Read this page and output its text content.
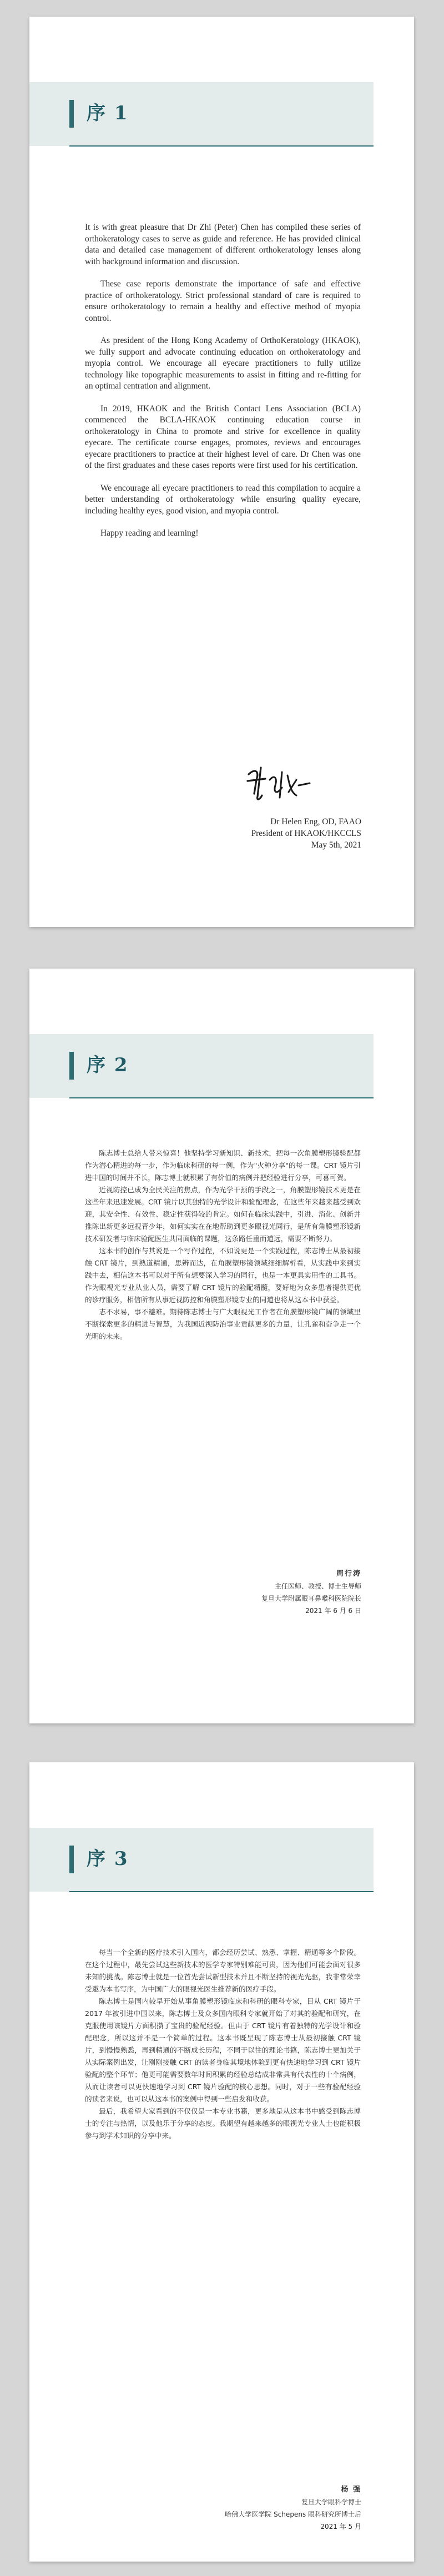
序 1

It is with great pleasure that Dr Zhi (Peter) Chen has compiled these series of orthokeratology cases to serve as guide and reference. He has provided clinical data and detailed case management of different orthokeratology lenses along with background information and discussion.

These case reports demonstrate the importance of safe and effective practice of orthokeratology. Strict professional standard of care is required to ensure orthokeratology to remain a healthy and effective method of myopia control.

As president of the Hong Kong Academy of OrthoKeratology (HKAOK), we fully support and advocate continuing education on orthokeratology and myopia control. We encourage all eyecare practitioners to fully utilize technology like topographic measurements to assist in fitting and re-fitting for an optimal centration and alignment.

In 2019, HKAOK and the British Contact Lens Association (BCLA) commenced the BCLA-HKAOK continuing education course in orthokeratology in China to promote and strive for excellence in quality eyecare. The certificate course engages, promotes, reviews and encourages eyecare practitioners to practice at their highest level of care. Dr Chen was one of the first graduates and these cases reports were first used for his certification.

We encourage all eyecare practitioners to read this compilation to acquire a better understanding of orthokeratology while ensuring quality eyecare, including healthy eyes, good vision, and myopia control.

Happy reading and learning!

Dr Helen Eng, OD, FAAO
President of HKAOK/HKCCLS
May 5th, 2021
序 2

陈志博士总给人带来惊喜！他坚持学习新知识、新技术，把每一次角膜塑形镜验配都作为潜心精进的每一步，作为临床科研的每一例，作为"火种分享"的每一课。CRT 镜片引进中国的时间并不长，陈志博士就积累了有价值的病例并把经验进行分享，可喜可贺。

近视防控已成为全民关注的焦点，作为光学干预的手段之一，角膜塑形镜技术更是在这些年来迅速发展。CRT 镜片以其独特的光学设计和验配理念，在这些年来越来越受到欢迎，其安全性、有效性、稳定性获得较的肯定。如何在临床实践中，引进、消化、创新并推陈出新更多远视青少年，如何实实在在地帮助到更多眼视光同行，是所有角膜塑形镜新技术研发者与临床验配医生共同面临的课题，这条路任重而道远，需要不断努力。

这本书的创作与其说是一个写作过程，不如说更是一个实践过程，陈志博士从最初接触 CRT 镜片，到熟道精通，思辨而达，在角膜塑形镜领域细细解析看，从实践中来到实践中去，相信这本书可以对于所有想要深入学习的同行，也是一本更具实用性的工具书。作为眼视光专业从业人员，需要了解 CRT 镜片的验配精髓，要好地为众多患者提供更优的诊疗服务，相信所有从事近视防控和角膜塑形镜专业的同道也将从这本书中获益。

志不求易，事不避难。期待陈志博士与广大眼视光工作者在角膜塑形镜广阔的领域里不断探索更多的精进与智慧，为我国近视防治事业贡献更多的力量，让孔雀和奋争走一个光明的未来。

周行涛
主任医师、教授、博士生导师
复旦大学附属眼耳鼻喉科医院院长
2021 年 6 月 6 日
序 3

每当一个全新的医疗技术引入国内，都会经历尝试、熟悉、掌握、精通等多个阶段。在这个过程中，最先尝试这些新技术的医学专家特别难能可贵，因为他们可能会面对很多未知的挑战。陈志博士就是一位首先尝试新型技术并且不断坚持的视光先驱，我非常荣幸受邀为本书写序，为中国广大的眼视光医生推荐新的医疗手段。

陈志博士是国内较早开始从事角膜塑形镜临床和科研的眼科专家，目从 CRT 镜片于 2017 年被引进中国以来，陈志博士及众多国内眼科专家就开始了对其的验配和研究，在克服使用该镜片方面积攒了宝贵的验配经验。但由于 CRT 镜片有着独特的光学设计和验配理念，所以这并不是一个简单的过程。这本书既呈现了陈志博士从最初接触 CRT 镜片，到慢慢熟悉，再到精通的不断成长历程，不同于以往的理论书籍，陈志博士更加关于从实际案例出发，让刚刚接触 CRT 的读者身临其境地体验到更有快速地学习到 CRT 镜片验配的整个环节；他更可能需要数年时间积累的经验总结成非常具有代表性的十个病例，从而让读者可以更快速地学习到 CRT 镜片验配的核心思想。同时，对于一些有验配经验的读者来说，也可以从这本书的案例中得到一些启发和收获。

最后，我希望大家看到的不仅仅是一本专业书籍，更多地是从这本书中感受到陈志博士的专注与热情，以及他乐于分享的态度。我期望有越来越多的眼视光专业人士也能积极参与到学术知识的分享中来。

杨 强
复旦大学眼科学博士
哈佛大学医学院 Schepens 眼科研究所博士后
2021 年 5 月
